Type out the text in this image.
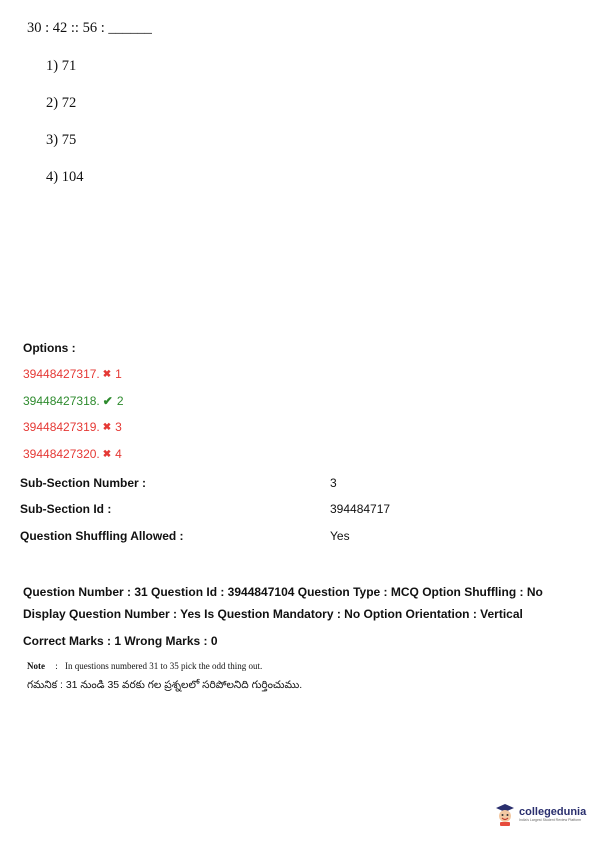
30 : 42 :: 56 : ______
1) 71
2) 72
3) 75
4) 104
Options :
39448427317. ✖ 1
39448427318. ✔ 2
39448427319. ✖ 3
39448427320. ✖ 4
Sub-Section Number :	3
Sub-Section Id :	394484717
Question Shuffling Allowed :	Yes
Question Number : 31 Question Id : 3944847104 Question Type : MCQ Option Shuffling : No
Display Question Number : Yes Is Question Mandatory : No Option Orientation : Vertical
Correct Marks : 1 Wrong Marks : 0
Note : In questions numbered 31 to 35 pick the odd thing out.
గమనిక : 31 నుండి 35 వరకు గల ప్రశ్నలలో సరిపోలనిది గుర్తించుము.
collegedunia
India's Largest Student Review Platform
